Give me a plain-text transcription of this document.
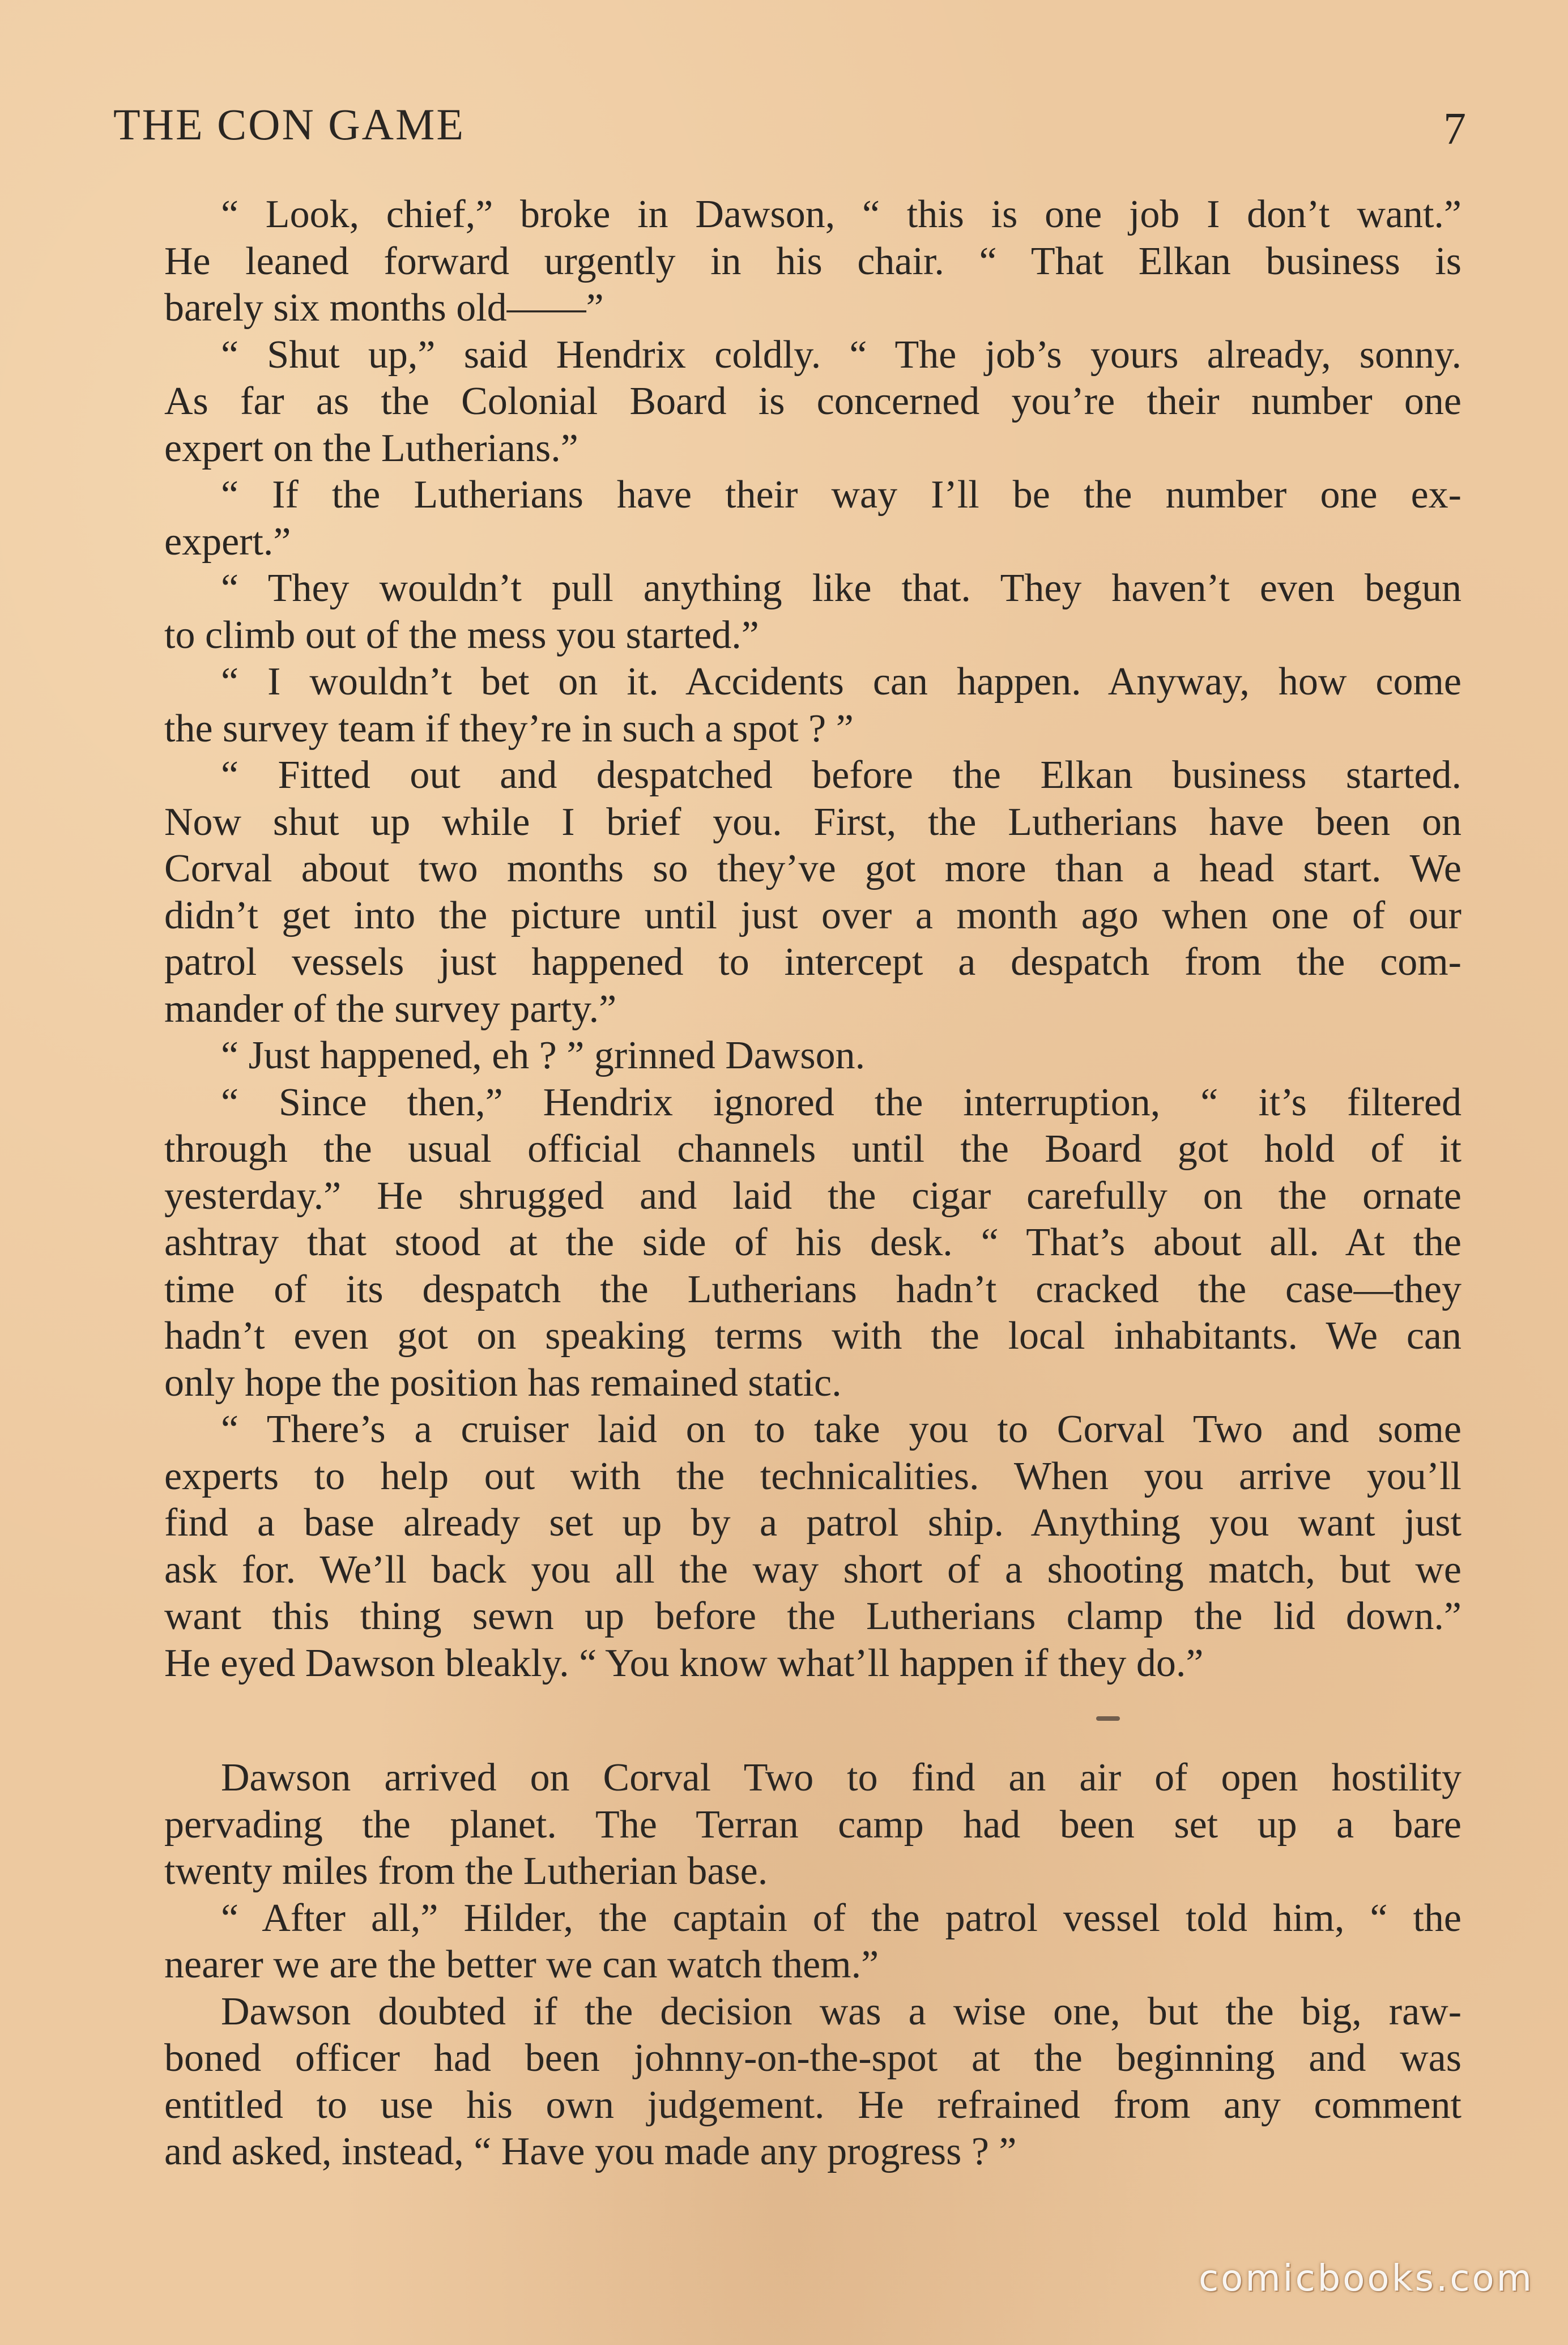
THE CON GAME	7
“ Look, chief,” broke in Dawson, “ this is one job I don’t want.”
He leaned forward urgently in his chair. “ That Elkan business is
barely six months old——”
“ Shut up,” said Hendrix coldly. “ The job’s yours already, sonny.
As far as the Colonial Board is concerned you’re their number one
expert on the Lutherians.”
“ If the Lutherians have their way I’ll be the number one ex-
expert.”
“ They wouldn’t pull anything like that. They haven’t even begun
to climb out of the mess you started.”
“ I wouldn’t bet on it. Accidents can happen. Anyway, how come
the survey team if they’re in such a spot ? ”
“ Fitted out and despatched before the Elkan business started.
Now shut up while I brief you. First, the Lutherians have been on
Corval about two months so they’ve got more than a head start. We
didn’t get into the picture until just over a month ago when one of our
patrol vessels just happened to intercept a despatch from the com-
mander of the survey party.”
“ Just happened, eh ? ” grinned Dawson.
“ Since then,” Hendrix ignored the interruption, “ it’s filtered
through the usual official channels until the Board got hold of it
yesterday.” He shrugged and laid the cigar carefully on the ornate
ashtray that stood at the side of his desk. “ That’s about all. At the
time of its despatch the Lutherians hadn’t cracked the case—they
hadn’t even got on speaking terms with the local inhabitants. We can
only hope the position has remained static.
“ There’s a cruiser laid on to take you to Corval Two and some
experts to help out with the technicalities. When you arrive you’ll
find a base already set up by a patrol ship. Anything you want just
ask for. We’ll back you all the way short of a shooting match, but we
want this thing sewn up before the Lutherians clamp the lid down.”
He eyed Dawson bleakly. “ You know what’ll happen if they do.”
Dawson arrived on Corval Two to find an air of open hostility
pervading the planet. The Terran camp had been set up a bare
twenty miles from the Lutherian base.
“ After all,” Hilder, the captain of the patrol vessel told him, “ the
nearer we are the better we can watch them.”
Dawson doubted if the decision was a wise one, but the big, raw-
boned officer had been johnny-on-the-spot at the beginning and was
entitled to use his own judgement. He refrained from any comment
and asked, instead, “ Have you made any progress ? ”
comicbooks.com
